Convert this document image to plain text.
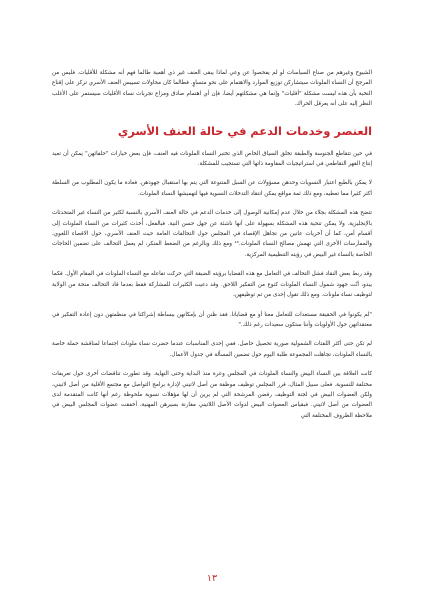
الشيوخ وغيرهم من صناع السياسات لو لم يفحصوا عن وعي لماذا يبقى العنف غير ذي أهمية طالما فهم أنه مشكلة للأقليات. فليس من المرجح أن النساء الملونات سيتشاركن توزيع الموارد والاهتمام على نحو متساوٍ. فطالما كان محاولات تسييس العنف الأسري تركز على إقناع النخبة بأن هذه ليست مشكلة "أقليات" وإنما هي مشكلتهم أيضا، فإن أي اهتمام صادق ومزاع تجربات نساء الأقليات سيستمر على الأغلب النظر إليه على أنه يعرقل الحراك.

العنصر وخدمات الدعم في حالة العنف الأسري

في حين تتقاطع الجنوسة والطبقة تخلق السياق الخاص الذي تختبر النساء الملونات فيه العنف، فإن بعض خيارات "حلفائهن" يمكن أن تعيد إنتاج القهر التقاطعي في استراتيجيات المقاومة ذاتها التي تستجيب للمشكلة.

لا يمكن بالطبع اعتبار النسويات وحدهن مسؤولات عن السبل المتنوعة التي يتم بها استقبال جهودهن. فعادة ما يكون المطلوب من السلطة أكثر كثيرا مما تعطيه، ومع ذلك ثمة مواقع يمكن انتقاد التدخلات النسوية فيها لتهميشها النساء الملونات.

تتضح هذه المشكلة بجلاء من خلال عدم إمكانية الوصول إلى خدمات الدعم في حالة العنف الأسري بالنسبة لكثير من النساء غير المتحدثات بالإنجليزية. ولا يمكن تنحية هذه المشكلة بسهولة على أنها ناشئة عن جهل حسن النية. فبالفعل، أُخذت كثيرات من النساء الملونات إلى أقسام أمن، كما أن آخريات عانين من تجاهل الإقصاء في المجلس حول التحالفات العامة حيث العنف الأسري، حول الاقصاء اللغوي، والممارسات الأخرى التي تهمش مصالح النساء الملونات.¹³ ومع ذلك وبالرغم من الضغط المنكر، لم يعمل التحالف على تضمين الحاجات الخاصة بالنساء غير البيض في رؤيته التنظيمية المركزية.

وقد ربط بعض النقاد فشل التحالف في التعامل مع هذه القضايا برؤيته الضيقة التي حركت تفاعله مع النساء الملونات في المقام الأول. فكما يبدو، أنّت جهود شمول النساء الملونات كنوع من التفكير اللاحق. وقد دعيت الكثيرات للمشاركة فقط بعدما قاد التحالف منحة من الولاية لتوظيف نساء ملونات. ومع ذلك تقول إحدى من تم توظيفهن،

"لم يكونوا في الحقيقة مستعدات للتعامل معنا أو مع قضايانا. فقد ظنن أن بإمكانهن ببساطة إشراكنا في منظمتهن دون إعادة التفكير في معتقداتهن حول الأولويات وأننا ستكون سعيدات رغم ذلك."

لم تكن حتى أكثر اللفتات الشمولية صورية تحصيل حاصل. ففي إحدى المناسبات عندما حضرت نساء ملونات اجتماعا لمناقشة حملة خاصة بالنساء الملونات، تجاهلت المجموعة طلبة اليوم حول تضمين المسألة في جدول الأعمال.

كانت العلاقة بين النساء البيض والنساء الملونات في المجلس وعرة منذ البداية وحتى النهاية. وقد تطورت تناقضات أخرى حول تعريفات مختلفة للنسوية. فعلى سبيل المثال، قرر المجلس توظيف موظفة من أصل لاتيني لإدارة برامج التواصل مع مجتمع الأقلية من أصل لاتيني، ولكن العضوات البيض في لجنة التوظيف رفضن المرشحة التي لم يرين أن لها مؤهلات نسوية ملحوظة رغم أنها كانت المتقدمة لدى العضوات من أصل لاتيني. فبقياس العضوات البيض لدوات الأصل اللاتيني مقارنة بسيرهن المهنية، أخفقت عضوات المجلس البيض في ملاحظة الظروف المختلفة التي

١٣
